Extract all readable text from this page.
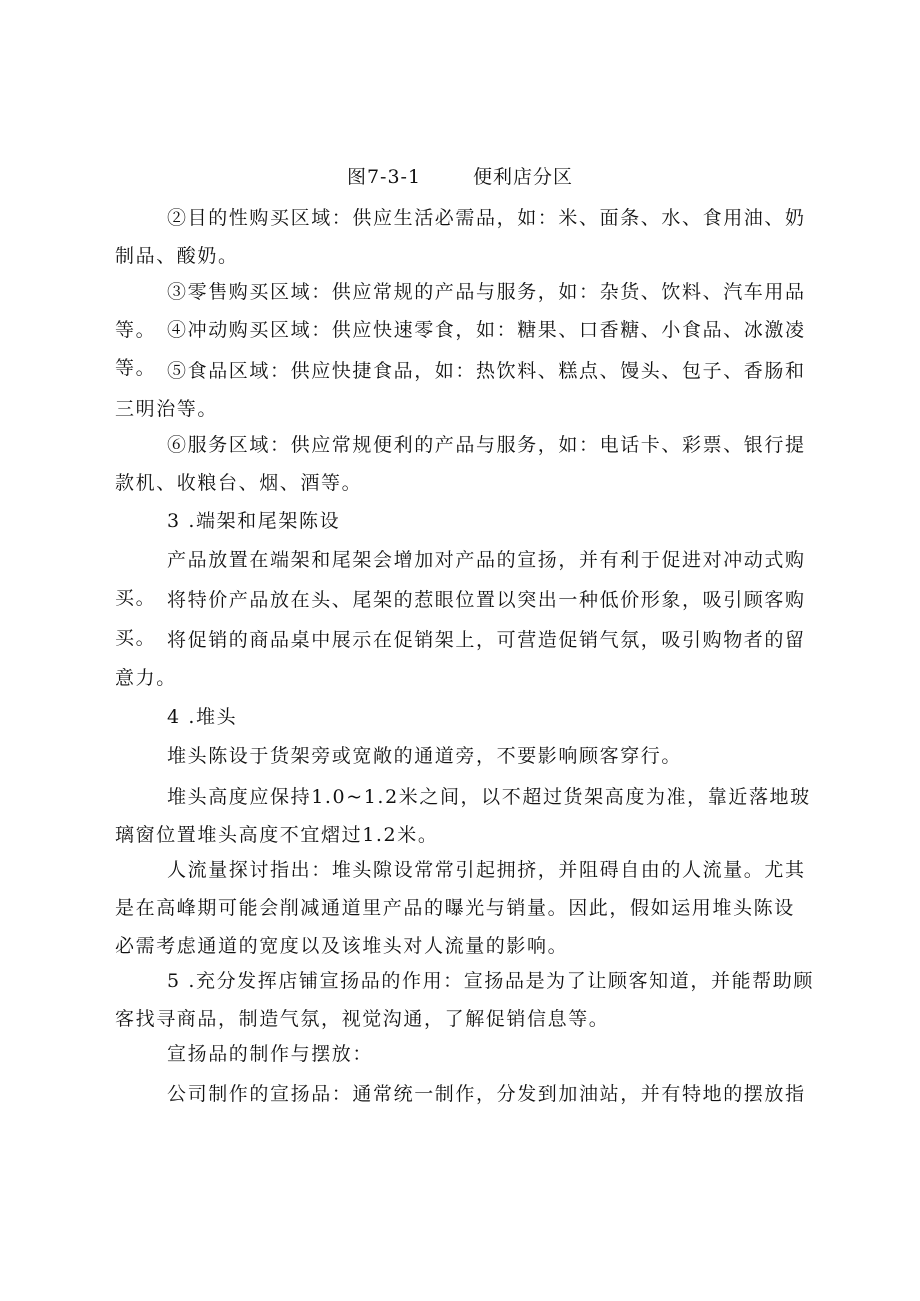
图7-3-1	便利店分区

②目的性购买区域：供应生活必需品，如：米、面条、水、食用油、奶制品、酸奶。

③零售购买区域：供应常规的产品与服务，如：杂货、饮料、汽车用品等。 ④冲动购买区域：供应快速零食，如：糖果、口香糖、小食品、冰激凌等。 ⑤食品区域：供应快捷食品，如：热饮料、糕点、馒头、包子、香肠和三明治等。

⑥服务区域：供应常规便利的产品与服务，如：电话卡、彩票、银行提款机、收粮台、烟、酒等。

3 .端架和尾架陈设

产品放置在端架和尾架会增加对产品的宣扬，并有利于促进对冲动式购买。 将特价产品放在头、尾架的惹眼位置以突出一种低价形象，吸引顾客购买。 将促销的商品桌中展示在促销架上，可营造促销气氛，吸引购物者的留意力。

4 .堆头

堆头陈设于货架旁或宽敞的通道旁，不要影响顾客穿行。

堆头高度应保持1.0~1.2米之间，以不超过货架高度为准，靠近落地玻璃窗位置堆头高度不宜熠过1.2米。

人流量探讨指出：堆头隙设常常引起拥挤，并阻碍自由的人流量。尤其是在高峰期可能会削减通道里产品的曝光与销量。因此，假如运用堆头陈设必需考虑通道的宽度以及该堆头对人流量的影响。

5 .充分发挥店铺宣扬品的作用：宣扬品是为了让顾客知道，并能帮助顾客找寻商品，制造气氛，视觉沟通，了解促销信息等。

宣扬品的制作与摆放：

公司制作的宣扬品：通常统一制作，分发到加油站，并有特地的摆放指
